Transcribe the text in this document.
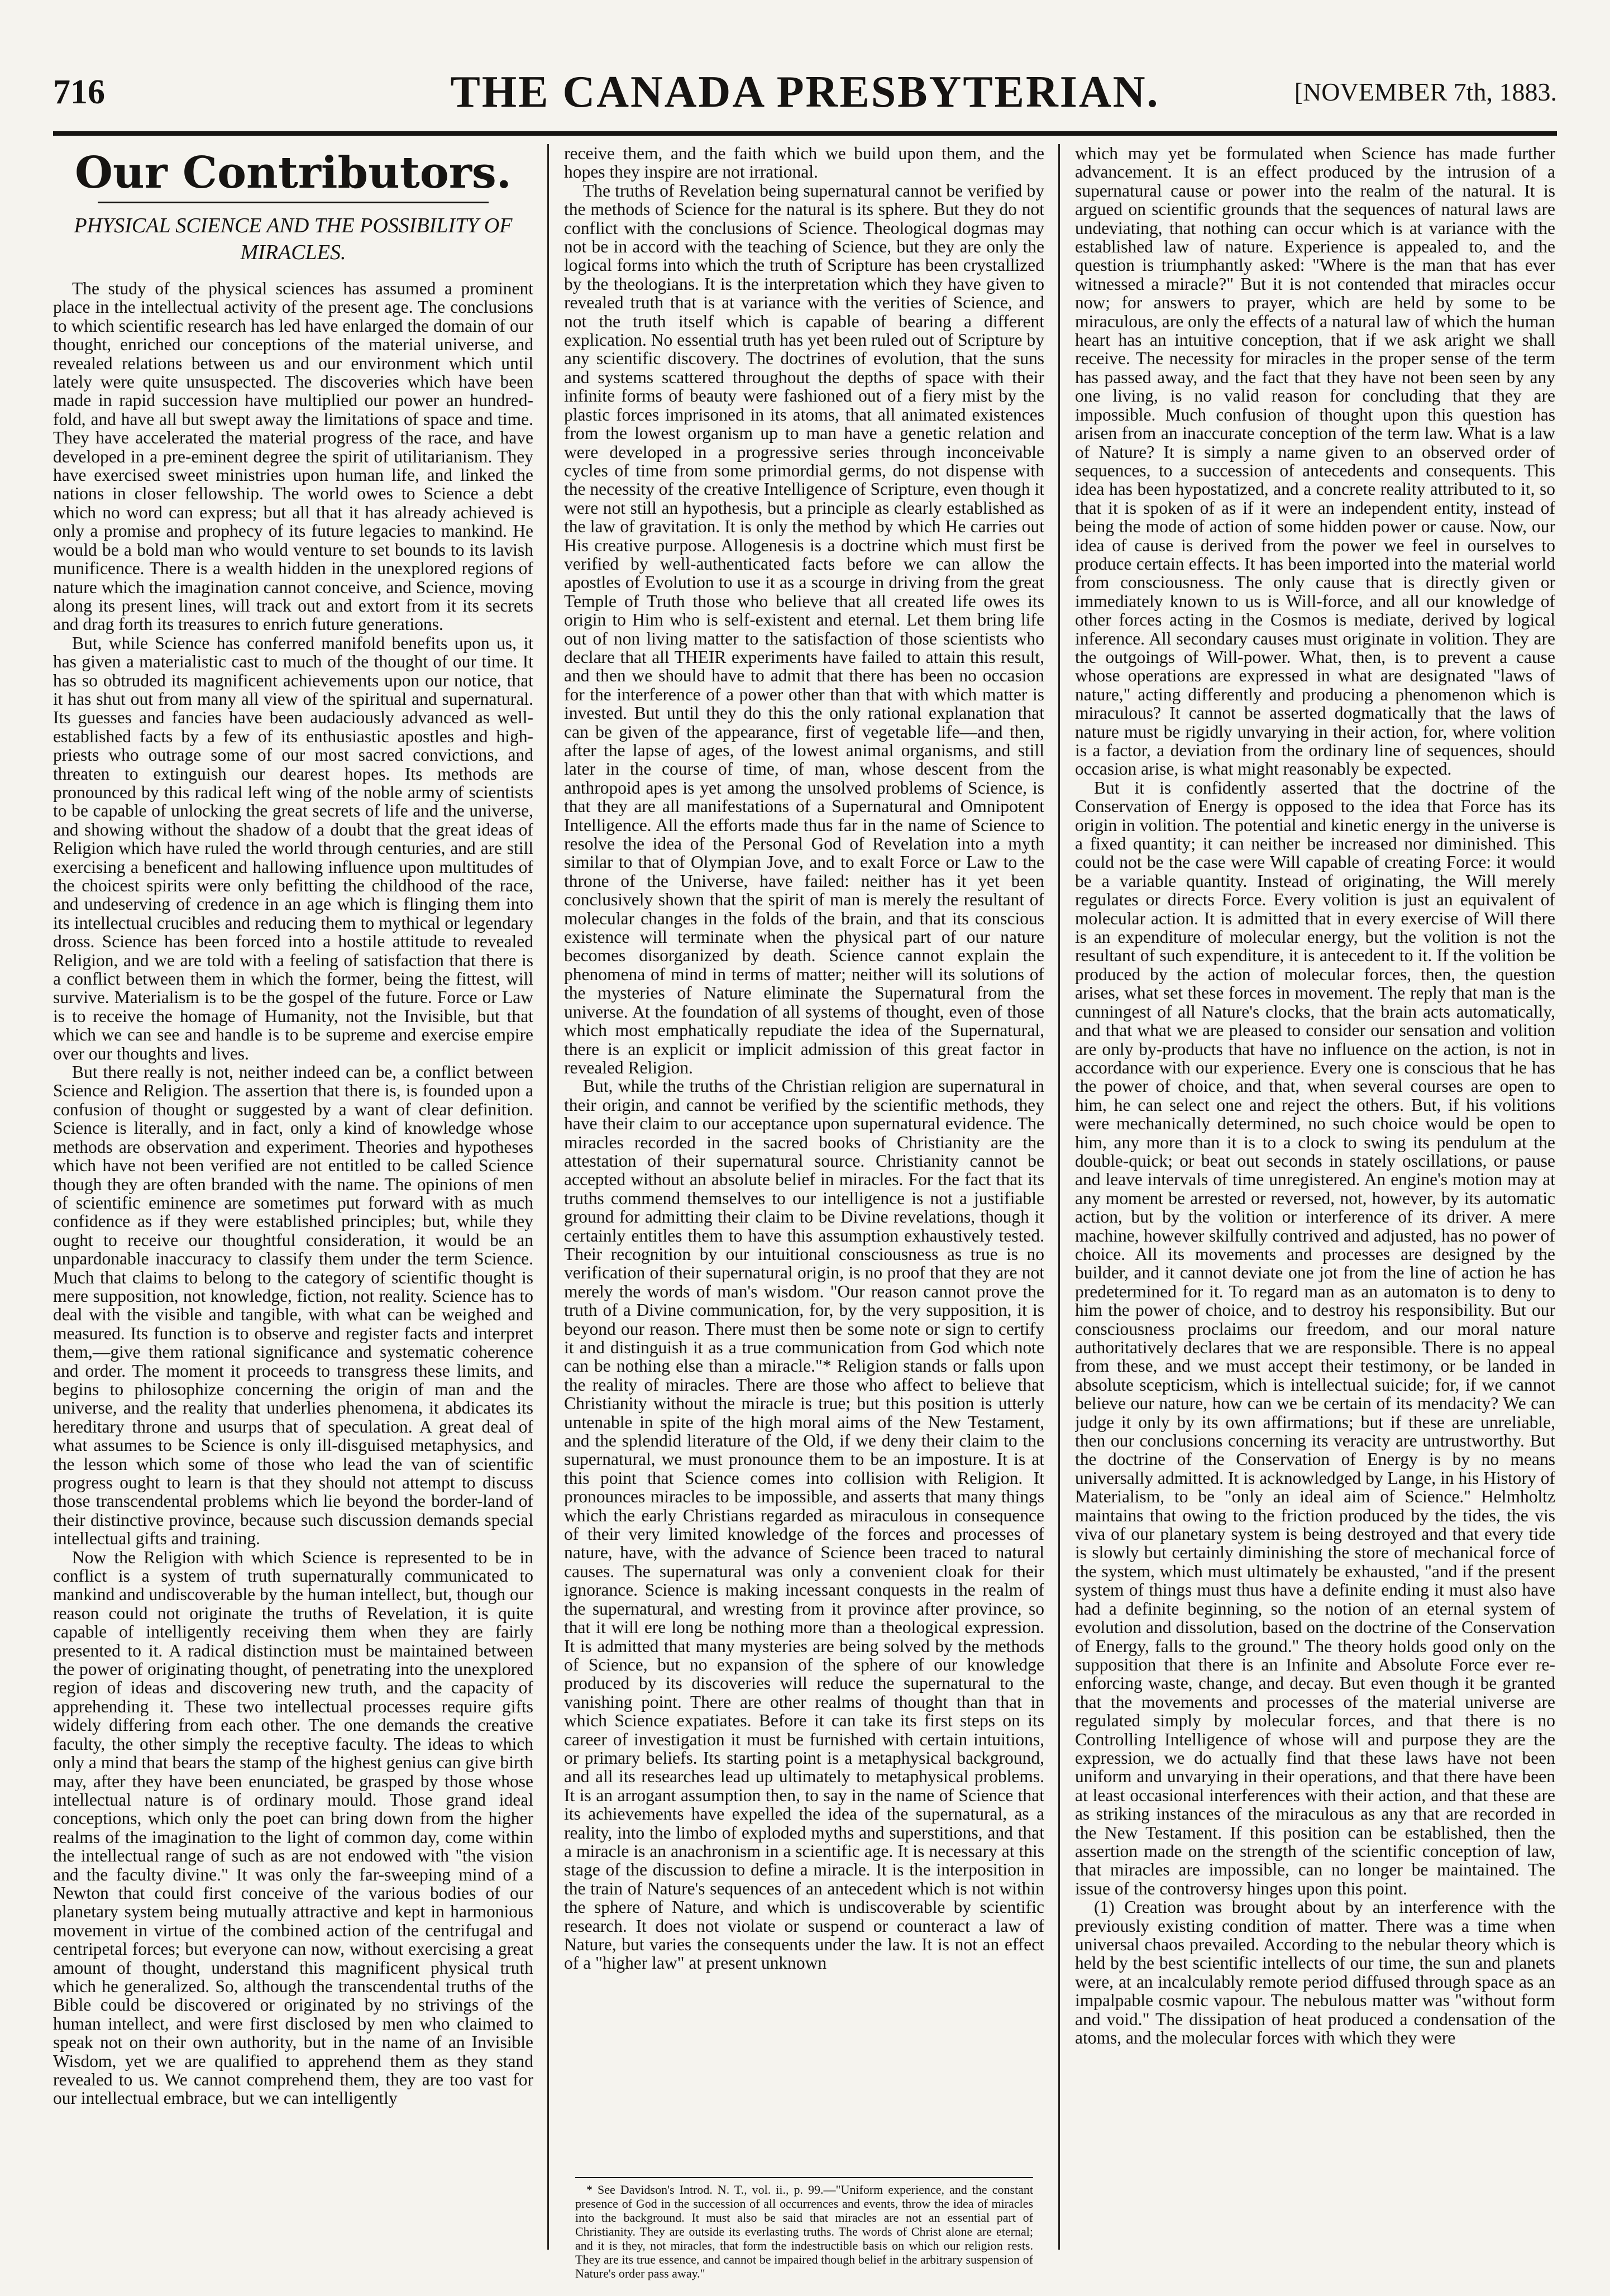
716	THE CANADA PRESBYTERIAN.	[NOVEMBER 7th, 1883.
Our Contributors.
PHYSICAL SCIENCE AND THE POSSIBILITY OF MIRACLES.

The study of the physical sciences has assumed a prominent place in the intellectual activity of the present age. The conclusions to which scientific research has led have enlarged the domain of our thought, enriched our conceptions of the material universe, and revealed relations between us and our environment which until lately were quite unsuspected. The discoveries which have been made in rapid succession have multiplied our power an hundred-fold, and have all but swept away the limitations of space and time. They have accelerated the material progress of the race, and have developed in a pre-eminent degree the spirit of utilitarianism. They have exercised sweet ministries upon human life, and linked the nations in closer fellowship. The world owes to Science a debt which no word can express; but all that it has already achieved is only a promise and prophecy of its future legacies to mankind. He would be a bold man who would venture to set bounds to its lavish munificence. There is a wealth hidden in the unexplored regions of nature which the imagination cannot conceive, and Science, moving along its present lines, will track out and extort from it its secrets and drag forth its treasures to enrich future generations.

But, while Science has conferred manifold benefits upon us, it has given a materialistic cast to much of the thought of our time. It has so obtruded its magnificent achievements upon our notice, that it has shut out from many all view of the spiritual and supernatural. Its guesses and fancies have been audaciously advanced as well-established facts by a few of its enthusiastic apostles and high-priests who outrage some of our most sacred convictions, and threaten to extinguish our dearest hopes. Its methods are pronounced by this radical left wing of the noble army of scientists to be capable of unlocking the great secrets of life and the universe, and showing without the shadow of a doubt that the great ideas of Religion which have ruled the world through centuries, and are still exercising a beneficent and hallowing influence upon multitudes of the choicest spirits were only befitting the childhood of the race, and undeserving of credence in an age which is flinging them into its intellectual crucibles and reducing them to mythical or legendary dross. Science has been forced into a hostile attitude to revealed Religion, and we are told with a feeling of satisfaction that there is a conflict between them in which the former, being the fittest, will survive. Materialism is to be the gospel of the future. Force or Law is to receive the homage of Humanity, not the Invisible, but that which we can see and handle is to be supreme and exercise empire over our thoughts and lives.

But there really is not, neither indeed can be, a conflict between Science and Religion. The assertion that there is, is founded upon a confusion of thought or suggested by a want of clear definition. Science is literally, and in fact, only a kind of knowledge whose methods are observation and experiment. Theories and hypotheses which have not been verified are not entitled to be called Science though they are often branded with the name. The opinions of men of scientific eminence are sometimes put forward with as much confidence as if they were established principles; but, while they ought to receive our thoughtful consideration, it would be an unpardonable inaccuracy to classify them under the term Science. Much that claims to belong to the category of scientific thought is mere supposition, not knowledge, fiction, not reality. Science has to deal with the visible and tangible, with what can be weighed and measured. Its function is to observe and register facts and interpret them,—give them rational significance and systematic coherence and order. The moment it proceeds to transgress these limits, and begins to philosophize concerning the origin of man and the universe, and the reality that underlies phenomena, it abdicates its hereditary throne and usurps that of speculation. A great deal of what assumes to be Science is only ill-disguised metaphysics, and the lesson which some of those who lead the van of scientific progress ought to learn is that they should not attempt to discuss those transcendental problems which lie beyond the border-land of their distinctive province, because such discussion demands special intellectual gifts and training.

Now the Religion with which Science is represented to be in conflict is a system of truth supernaturally communicated to mankind and undiscoverable by the human intellect, but, though our reason could not originate the truths of Revelation, it is quite capable of intelligently receiving them when they are fairly presented to it. A radical distinction must be maintained between the power of originating thought, of penetrating into the unexplored region of ideas and discovering new truth, and the capacity of apprehending it. These two intellectual processes require gifts widely differing from each other. The one demands the creative faculty, the other simply the receptive faculty. The ideas to which only a mind that bears the stamp of the highest genius can give birth may, after they have been enunciated, be grasped by those whose intellectual nature is of ordinary mould. Those grand ideal conceptions, which only the poet can bring down from the higher realms of the imagination to the light of common day, come within the intellectual range of such as are not endowed with "the vision and the faculty divine." It was only the far-sweeping mind of a Newton that could first conceive of the various bodies of our planetary system being mutually attractive and kept in harmonious movement in virtue of the combined action of the centrifugal and centripetal forces; but everyone can now, without exercising a great amount of thought, understand this magnificent physical truth which he generalized. So, although the transcendental truths of the Bible could be discovered or originated by no strivings of the human intellect, and were first disclosed by men who claimed to speak not on their own authority, but in the name of an Invisible Wisdom, yet we are qualified to apprehend them as they stand revealed to us. We cannot comprehend them, they are too vast for our intellectual embrace, but we can intelligently

receive them, and the faith which we build upon them, and the hopes they inspire are not irrational.

The truths of Revelation being supernatural cannot be verified by the methods of Science for the natural is its sphere. But they do not conflict with the conclusions of Science. Theological dogmas may not be in accord with the teaching of Science, but they are only the logical forms into which the truth of Scripture has been crystallized by the theologians. It is the interpretation which they have given to revealed truth that is at variance with the verities of Science, and not the truth itself which is capable of bearing a different explication. No essential truth has yet been ruled out of Scripture by any scientific discovery. The doctrines of evolution, that the suns and systems scattered throughout the depths of space with their infinite forms of beauty were fashioned out of a fiery mist by the plastic forces imprisoned in its atoms, that all animated existences from the lowest organism up to man have a genetic relation and were developed in a progressive series through inconceivable cycles of time from some primordial germs, do not dispense with the necessity of the creative Intelligence of Scripture, even though it were not still an hypothesis, but a principle as clearly established as the law of gravitation. It is only the method by which He carries out His creative purpose. Allogenesis is a doctrine which must first be verified by well-authenticated facts before we can allow the apostles of Evolution to use it as a scourge in driving from the great Temple of Truth those who believe that all created life owes its origin to Him who is self-existent and eternal. Let them bring life out of non living matter to the satisfaction of those scientists who declare that all THEIR experiments have failed to attain this result, and then we should have to admit that there has been no occasion for the interference of a power other than that with which matter is invested. But until they do this the only rational explanation that can be given of the appearance, first of vegetable life—and then, after the lapse of ages, of the lowest animal organisms, and still later in the course of time, of man, whose descent from the anthropoid apes is yet among the unsolved problems of Science, is that they are all manifestations of a Supernatural and Omnipotent Intelligence. All the efforts made thus far in the name of Science to resolve the idea of the Personal God of Revelation into a myth similar to that of Olympian Jove, and to exalt Force or Law to the throne of the Universe, have failed: neither has it yet been conclusively shown that the spirit of man is merely the resultant of molecular changes in the folds of the brain, and that its conscious existence will terminate when the physical part of our nature becomes disorganized by death. Science cannot explain the phenomena of mind in terms of matter; neither will its solutions of the mysteries of Nature eliminate the Supernatural from the universe. At the foundation of all systems of thought, even of those which most emphatically repudiate the idea of the Supernatural, there is an explicit or implicit admission of this great factor in revealed Religion.

But, while the truths of the Christian religion are supernatural in their origin, and cannot be verified by the scientific methods, they have their claim to our acceptance upon supernatural evidence. The miracles recorded in the sacred books of Christianity are the attestation of their supernatural source. Christianity cannot be accepted without an absolute belief in miracles. For the fact that its truths commend themselves to our intelligence is not a justifiable ground for admitting their claim to be Divine revelations, though it certainly entitles them to have this assumption exhaustively tested. Their recognition by our intuitional consciousness as true is no verification of their supernatural origin, is no proof that they are not merely the words of man's wisdom. "Our reason cannot prove the truth of a Divine communication, for, by the very supposition, it is beyond our reason. There must then be some note or sign to certify it and distinguish it as a true communication from God which note can be nothing else than a miracle."* Religion stands or falls upon the reality of miracles. There are those who affect to believe that Christianity without the miracle is true; but this position is utterly untenable in spite of the high moral aims of the New Testament, and the splendid literature of the Old, if we deny their claim to the supernatural, we must pronounce them to be an imposture. It is at this point that Science comes into collision with Religion. It pronounces miracles to be impossible, and asserts that many things which the early Christians regarded as miraculous in consequence of their very limited knowledge of the forces and processes of nature, have, with the advance of Science been traced to natural causes. The supernatural was only a convenient cloak for their ignorance. Science is making incessant conquests in the realm of the supernatural, and wresting from it province after province, so that it will ere long be nothing more than a theological expression. It is admitted that many mysteries are being solved by the methods of Science, but no expansion of the sphere of our knowledge produced by its discoveries will reduce the supernatural to the vanishing point. There are other realms of thought than that in which Science expatiates. Before it can take its first steps on its career of investigation it must be furnished with certain intuitions, or primary beliefs. Its starting point is a metaphysical background, and all its researches lead up ultimately to metaphysical problems. It is an arrogant assumption then, to say in the name of Science that its achievements have expelled the idea of the supernatural, as a reality, into the limbo of exploded myths and superstitions, and that a miracle is an anachronism in a scientific age. It is necessary at this stage of the discussion to define a miracle. It is the interposition in the train of Nature's sequences of an antecedent which is not within the sphere of Nature, and which is undiscoverable by scientific research. It does not violate or suspend or counteract a law of Nature, but varies the consequents under the law. It is not an effect of a "higher law" at present unknown

which may yet be formulated when Science has made further advancement. It is an effect produced by the intrusion of a supernatural cause or power into the realm of the natural. It is argued on scientific grounds that the sequences of natural laws are undeviating, that nothing can occur which is at variance with the established law of nature. Experience is appealed to, and the question is triumphantly asked: "Where is the man that has ever witnessed a miracle?" But it is not contended that miracles occur now; for answers to prayer, which are held by some to be miraculous, are only the effects of a natural law of which the human heart has an intuitive conception, that if we ask aright we shall receive. The necessity for miracles in the proper sense of the term has passed away, and the fact that they have not been seen by any one living, is no valid reason for concluding that they are impossible. Much confusion of thought upon this question has arisen from an inaccurate conception of the term law. What is a law of Nature? It is simply a name given to an observed order of sequences, to a succession of antecedents and consequents. This idea has been hypostatized, and a concrete reality attributed to it, so that it is spoken of as if it were an independent entity, instead of being the mode of action of some hidden power or cause. Now, our idea of cause is derived from the power we feel in ourselves to produce certain effects. It has been imported into the material world from consciousness. The only cause that is directly given or immediately known to us is Will-force, and all our knowledge of other forces acting in the Cosmos is mediate, derived by logical inference. All secondary causes must originate in volition. They are the outgoings of Will-power. What, then, is to prevent a cause whose operations are expressed in what are designated "laws of nature," acting differently and producing a phenomenon which is miraculous? It cannot be asserted dogmatically that the laws of nature must be rigidly unvarying in their action, for, where volition is a factor, a deviation from the ordinary line of sequences, should occasion arise, is what might reasonably be expected.

But it is confidently asserted that the doctrine of the Conservation of Energy is opposed to the idea that Force has its origin in volition. The potential and kinetic energy in the universe is a fixed quantity; it can neither be increased nor diminished. This could not be the case were Will capable of creating Force: it would be a variable quantity. Instead of originating, the Will merely regulates or directs Force. Every volition is just an equivalent of molecular action. It is admitted that in every exercise of Will there is an expenditure of molecular energy, but the volition is not the resultant of such expenditure, it is antecedent to it. If the volition be produced by the action of molecular forces, then, the question arises, what set these forces in movement. The reply that man is the cunningest of all Nature's clocks, that the brain acts automatically, and that what we are pleased to consider our sensation and volition are only by-products that have no influence on the action, is not in accordance with our experience. Every one is conscious that he has the power of choice, and that, when several courses are open to him, he can select one and reject the others. But, if his volitions were mechanically determined, no such choice would be open to him, any more than it is to a clock to swing its pendulum at the double-quick; or beat out seconds in stately oscillations, or pause and leave intervals of time unregistered. An engine's motion may at any moment be arrested or reversed, not, however, by its automatic action, but by the volition or interference of its driver. A mere machine, however skilfully contrived and adjusted, has no power of choice. All its movements and processes are designed by the builder, and it cannot deviate one jot from the line of action he has predetermined for it. To regard man as an automaton is to deny to him the power of choice, and to destroy his responsibility. But our consciousness proclaims our freedom, and our moral nature authoritatively declares that we are responsible. There is no appeal from these, and we must accept their testimony, or be landed in absolute scepticism, which is intellectual suicide; for, if we cannot believe our nature, how can we be certain of its mendacity? We can judge it only by its own affirmations; but if these are unreliable, then our conclusions concerning its veracity are untrustworthy. But the doctrine of the Conservation of Energy is by no means universally admitted. It is acknowledged by Lange, in his History of Materialism, to be "only an ideal aim of Science." Helmholtz maintains that owing to the friction produced by the tides, the vis viva of our planetary system is being destroyed and that every tide is slowly but certainly diminishing the store of mechanical force of the system, which must ultimately be exhausted, "and if the present system of things must thus have a definite ending it must also have had a definite beginning, so the notion of an eternal system of evolution and dissolution, based on the doctrine of the Conservation of Energy, falls to the ground." The theory holds good only on the supposition that there is an Infinite and Absolute Force ever re-enforcing waste, change, and decay. But even though it be granted that the movements and processes of the material universe are regulated simply by molecular forces, and that there is no Controlling Intelligence of whose will and purpose they are the expression, we do actually find that these laws have not been uniform and unvarying in their operations, and that there have been at least occasional interferences with their action, and that these are as striking instances of the miraculous as any that are recorded in the New Testament. If this position can be established, then the assertion made on the strength of the scientific conception of law, that miracles are impossible, can no longer be maintained. The issue of the controversy hinges upon this point.

(1) Creation was brought about by an interference with the previously existing condition of matter. There was a time when universal chaos prevailed. According to the nebular theory which is held by the best scientific intellects of our time, the sun and planets were, at an incalculably remote period diffused through space as an impalpable cosmic vapour. The nebulous matter was "without form and void." The dissipation of heat produced a condensation of the atoms, and the molecular forces with which they were

* See Davidson's Introd. N. T., vol. ii., p. 99.—"Uniform experience, and the constant presence of God in the succession of all occurrences and events, throw the idea of miracles into the background. It must also be said that miracles are not an essential part of Christianity. They are outside its everlasting truths. The words of Christ alone are eternal; and it is they, not miracles, that form the indestructible basis on which our religion rests. They are its true essence, and cannot be impaired though belief in the arbitrary suspension of Nature's order pass away."
